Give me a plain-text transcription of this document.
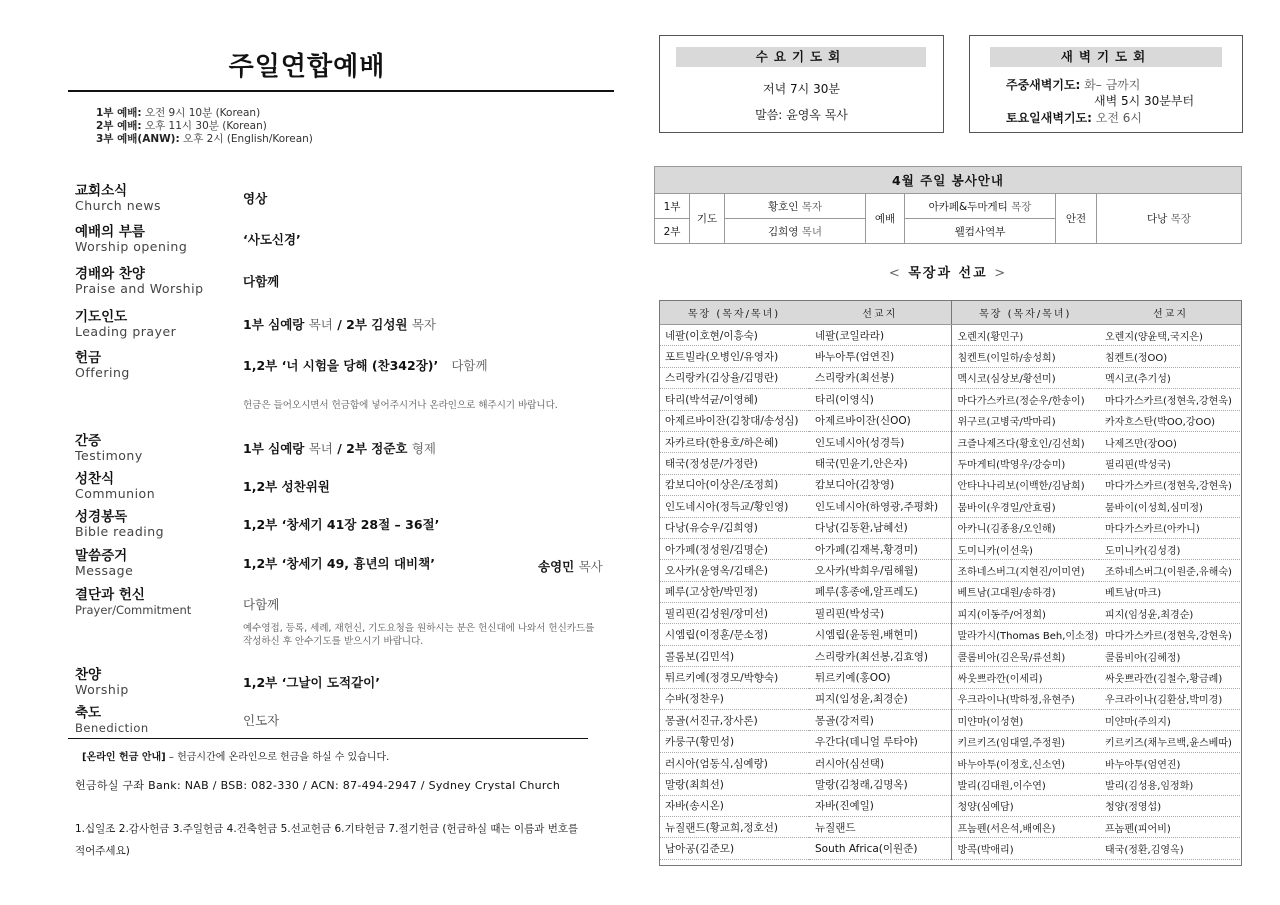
주일연합예배
1부 예배: 오전 9시 10분 (Korean)
2부 예배: 오후 11시 30분 (Korean)
3부 예배(ANW): 오후 2시 (English/Korean)
교회소식
Church news	영상
예배의 부름
Worship opening	‘사도신경’
경배와 찬양
Praise and Worship	다함께
기도인도
Leading prayer	1부 심예랑 목녀 / 2부 김성원 목자
헌금
Offering	1,2부 ‘너 시험을 당해 (찬342장)’ 다함께
헌금은 들어오시면서 헌금함에 넣어주시거나 온라인으로 해주시기 바랍니다.
간증
Testimony	1부 심예랑 목녀 / 2부 정준호 형제
성찬식
Communion	1,2부 성찬위원
성경봉독
Bible reading	1,2부 ‘창세기 41장 28절 – 36절’
말씀증거
Message	1,2부 ‘창세기 49, 흉년의 대비책’	송영민 목사
결단과 헌신
Prayer/Commitment	다함께
예수영접, 등록, 세례, 재헌신, 기도요청을 원하시는 분은 헌신대에 나와서 헌신카드를 작성하신 후 안수기도를 받으시기 바랍니다.
찬양
Worship	1,2부 ‘그날이 도적같이’
축도
Benediction	인도자
[온라인 헌금 안내] – 헌금시간에 온라인으로 헌금을 하실 수 있습니다.
헌금하실 구좌 Bank: NAB / BSB: 082-330 / ACN: 87-494-2947 / Sydney Crystal Church
1.십일조 2.감사헌금 3.주일헌금 4.건축헌금 5.선교헌금 6.기타헌금 7.절기헌금 (헌금하실 때는 이름과 번호를 적어주세요)
수요기도회
저녁 7시 30분
말씀: 윤영옥 목사
새벽기도회
주중새벽기도: 화– 금까지
새벽 5시 30분부터
토요일새벽기도: 오전 6시
4월 주일 봉사안내						
1부	기도	황호인 목자	예배	아카페&두마게티 목장	안전	다낭 목장
2부		김희영 목녀		웰컴사역부		
< 목장과 선교 >
목장 (목자/목녀)	선교지	목장 (목자/목녀)	선교지
네팔(이호현/이흥숙)	네팔(코일라라)	오렌지(황민구)	오렌지(양윤택,국지은)
포트빌라(오병인/유영자)	바누아투(엄연진)	침켄트(이일하/송성희)	침켄트(정OO)
스리랑카(김상율/김명란)	스리랑카(최선봉)	멕시코(심상보/황선미)	멕시코(추기성)
타리(박석균/이영혜)	타리(이영식)	마다가스카르(정순우/한송이)	마다가스카르(정현욱,강현욱)
아제르바이잔(김창대/송성심)	아제르바이잔(신OO)	위구르(고병국/박마리)	카자흐스탄(박OO,강OO)
자카르타(한용호/하은혜)	인도네시아(성경득)	크즐나제즈다(황호인/김선희)	나제즈만(장OO)
태국(정성문/가정란)	태국(민윤기,안은자)	두마게티(박영우/강승미)	필리핀(박성국)
캄보디아(이상은/조정희)	캄보디아(김창영)	안타나나리보(이백한/김남희)	마다가스카르(정현욱,강현욱)
인도네시아(정득교/황인영)	인도네시아(하영광,주평화)	뭄바이(우경일/안효림)	뭄바이(이성희,심미정)
다낭(유승우/김희영)	다낭(김동환,남혜선)	아카니(김종용/오인해)	마다가스카르(아카니)
아가페(정성원/김명순)	아가페(김재복,황경미)	도미니카(이선욱)	도미니카(김성경)
오사카(윤영옥/김태은)	오사카(박희우/림해월)	조하네스버그(지현진/이미연)	조하네스버그(이원준,유해숙)
페루(고상한/박민정)	페루(홍종애,알프레도)	베트남(고대원/송하경)	베트남(마크)
필리핀(김성원/장미선)	필리핀(박성국)	피지(이동주/어정희)	피지(임성윤,최경순)
시엠립(이정훈/문소정)	시엠립(윤동원,배현미)	말라가시(Thomas Beh,이소정)	마다가스카르(정현욱,강현욱)
콜롬보(김민석)	스리랑카(최선봉,김효영)	콜롬비아(김은묵/류선희)	콜롬비아(김혜정)
튀르키예(정경모/박향숙)	튀르키예(홍OO)	싸웃쁘라깐(이세리)	싸웃쁘라깐(김철수,황금례)
수바(정찬우)	피지(임성윤,최경순)	우크라이나(박하정,유현주)	우크라이나(김환삼,박미경)
몽골(서진규,장사론)	몽골(강저릭)	미얀마(이성현)	미얀마(주의지)
카룽구(황민성)	우간다(데니얼 루타야)	키르키즈(임대열,주정원)	키르키즈(채누르백,윤스베따)
러시아(엄동식,심예랑)	러시아(심선택)	바누아투(이정호,신소연)	바누아투(엄연진)
말랑(최희선)	말랑(김청래,김명옥)	발리(김대원,이수연)	발리(김성용,임정화)
자바(송시온)	자바(진예일)	청양(심예담)	청양(정영섭)
뉴질랜드(황교희,정호선)	뉴질랜드	프놈펜(서은석,배예은)	프놈펜(피어비)
남아공(김준모)	South Africa(이원준)	방콕(박애리)	태국(정환,김영옥)
